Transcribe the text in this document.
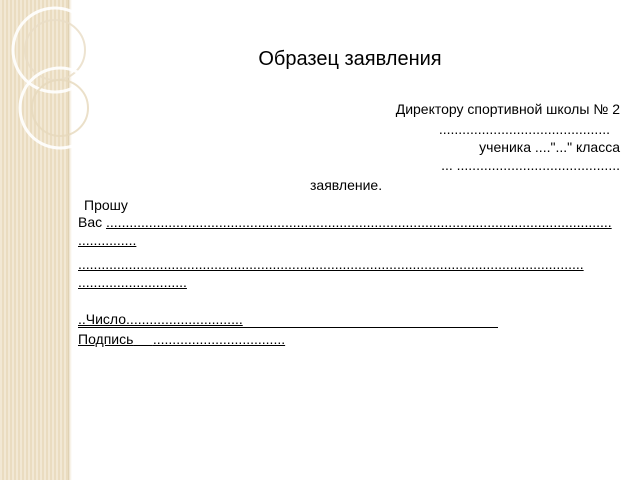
Образец заявления
Директору спортивной школы № 2
............................................
ученика ...."..." класса
... ..........................................
заявление.
Прошу
Вас ..................................................................................................................................
...............
..................................................................................................................................
............................
..Число..............................
Подпись ..................................
